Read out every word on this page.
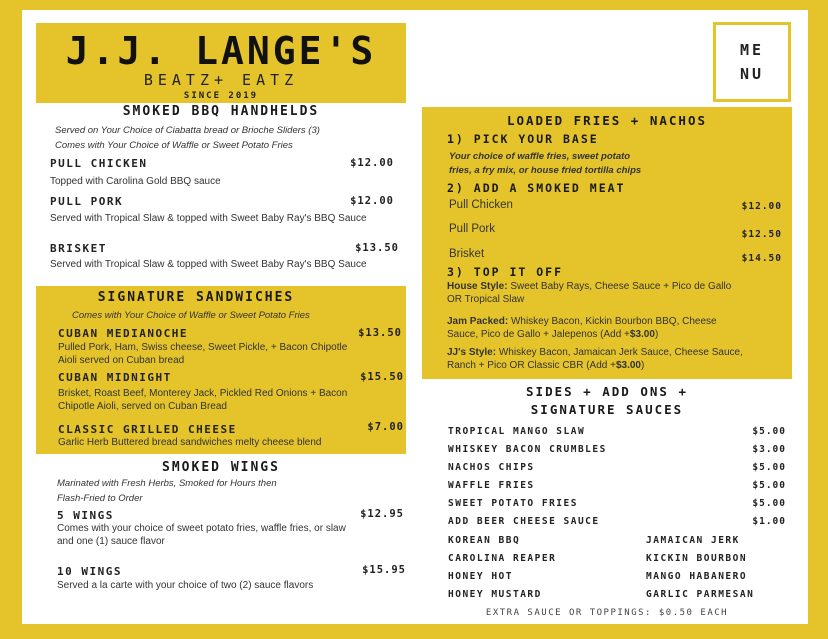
J.J. LANGE'S
BEATZ+ EATZ
SINCE 2019
ME
NU
SMOKED BBQ HANDHELDS
Served on Your Choice of Ciabatta bread or Brioche Sliders (3)
Comes with Your Choice of Waffle or Sweet Potato Fries
PULL CHICKEN	$12.00
Topped with Carolina Gold BBQ sauce
PULL PORK	$12.00
Served with Tropical Slaw & topped with Sweet Baby Ray's BBQ Sauce
BRISKET	$13.50
Served with Tropical Slaw & topped with Sweet Baby Ray's BBQ Sauce
SIGNATURE SANDWICHES
Comes with Your Choice of Waffle or Sweet Potato Fries
CUBAN MEDIANOCHE	$13.50
Pulled Pork, Ham, Swiss cheese, Sweet Pickle, + Bacon Chipotle Aioli served on Cuban bread
CUBAN MIDNIGHT	$15.50
Brisket, Roast Beef, Monterey Jack, Pickled Red Onions + Bacon Chipotle Aioli, served on Cuban Bread
CLASSIC GRILLED CHEESE	$7.00
Garlic Herb Buttered bread sandwiches melty cheese blend
SMOKED WINGS
Marinated with Fresh Herbs, Smoked for Hours then
Flash-Fried to Order
5 WINGS	$12.95
Comes with your choice of sweet potato fries, waffle fries, or slaw and one (1) sauce flavor
10 WINGS	$15.95
Served a la carte with your choice of two (2) sauce flavors
LOADED FRIES + NACHOS
1) PICK YOUR BASE
Your choice of waffle fries, sweet potato
fries, a fry mix, or house fried tortilla chips
2) ADD A SMOKED MEAT
Pull Chicken	$12.00
Pull Pork	$12.50
Brisket	$14.50
3) TOP IT OFF
House Style: Sweet Baby Rays, Cheese Sauce + Pico de Gallo OR Tropical Slaw
Jam Packed: Whiskey Bacon, Kickin Bourbon BBQ, Cheese Sauce, Pico de Gallo + Jalepenos (Add +$3.00)
JJ's Style: Whiskey Bacon, Jamaican Jerk Sauce, Cheese Sauce, Ranch + Pico OR Classic CBR (Add +$3.00)
SIDES + ADD ONS +
SIGNATURE SAUCES
TROPICAL MANGO SLAW	$5.00
WHISKEY BACON CRUMBLES	$3.00
NACHOS CHIPS	$5.00
WAFFLE FRIES	$5.00
SWEET POTATO FRIES	$5.00
ADD BEER CHEESE SAUCE	$1.00
KOREAN BBQ	JAMAICAN JERK
CAROLINA REAPER	KICKIN BOURBON
HONEY HOT	MANGO HABANERO
HONEY MUSTARD	GARLIC PARMESAN
EXTRA SAUCE OR TOPPINGS: $0.50 EACH
